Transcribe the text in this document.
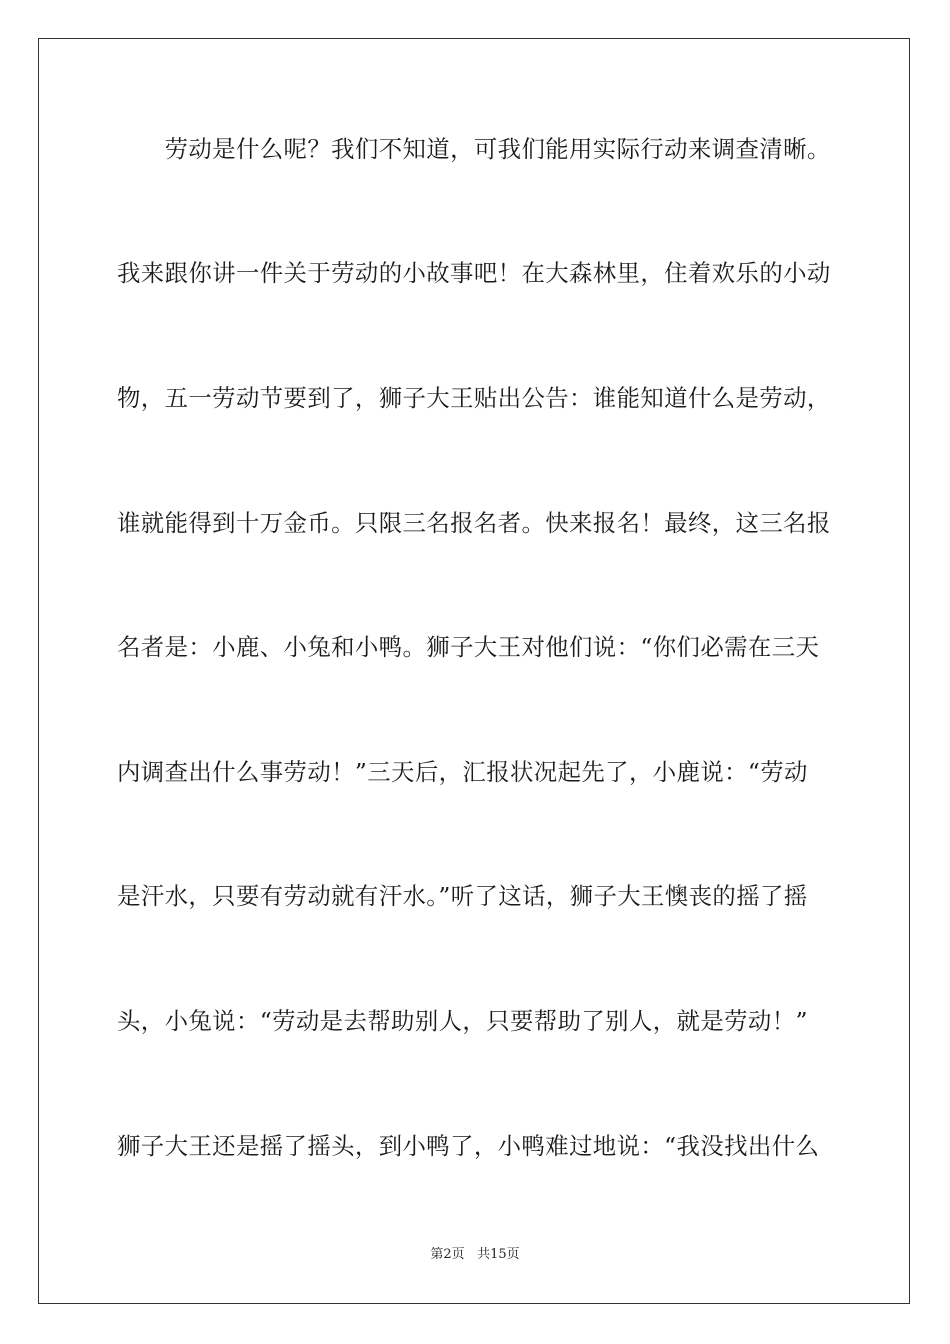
　　劳动是什么呢？我们不知道，可我们能用实际行动来调查清晰。
我来跟你讲一件关于劳动的小故事吧！在大森林里，住着欢乐的小动
物，五一劳动节要到了，狮子大王贴出公告：谁能知道什么是劳动，
谁就能得到十万金币。只限三名报名者。快来报名！最终，这三名报
名者是：小鹿、小兔和小鸭。狮子大王对他们说：“你们必需在三天
内调查出什么事劳动！”三天后，汇报状况起先了，小鹿说：“劳动
是汗水，只要有劳动就有汗水。”听了这话，狮子大王懊丧的摇了摇
头，小兔说：“劳动是去帮助别人，只要帮助了别人，就是劳动！”
狮子大王还是摇了摇头，到小鸭了，小鸭难过地说：“我没找出什么
第2页 共15页
